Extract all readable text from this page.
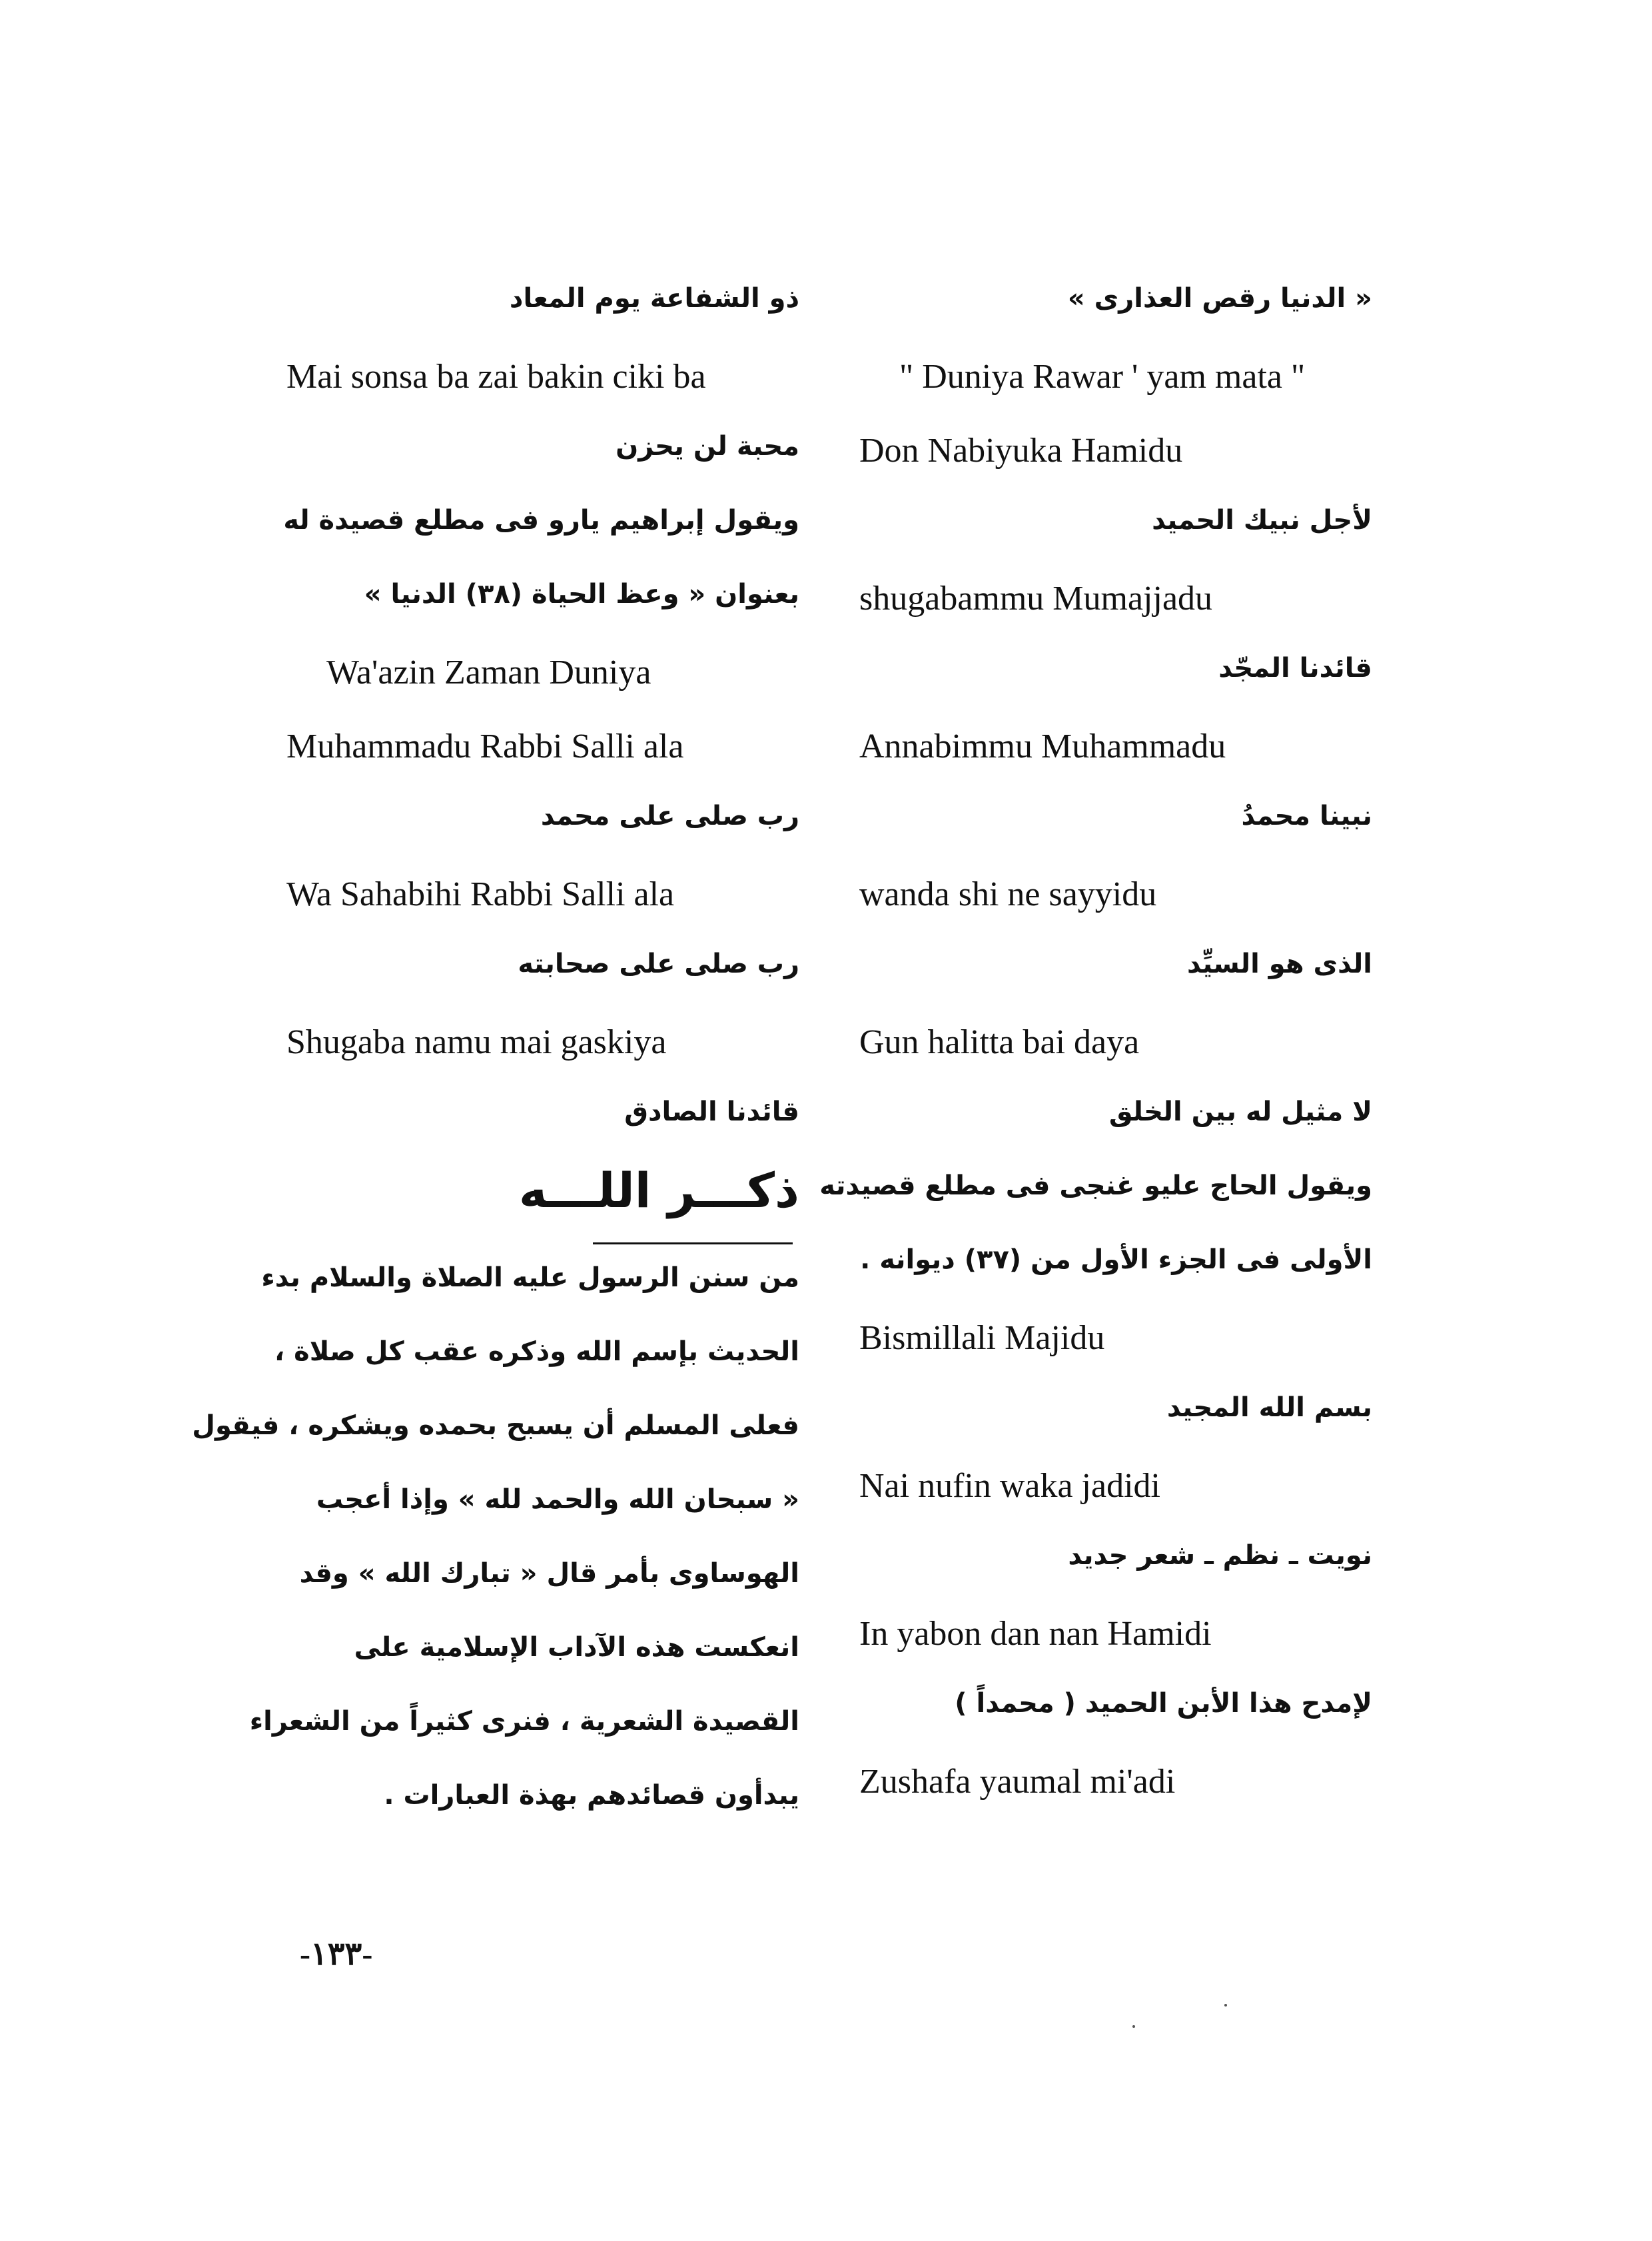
« الدنيا رقص العذارى »
" Duniya Rawar ' yam mata "
Don Nabiyuka Hamidu
لأجل نبيك الحميد
shugabammu Mumajjadu
قائدنا المجّد
Annabimmu Muhammadu
نبينا محمدُ
wanda shi ne sayyidu
الذى هو السيِّد
Gun halitta bai daya
لا مثيل له بين الخلق
ويقول الحاج عليو غنجى فى مطلع قصيدته
الأولى فى الجزء الأول من (٣٧) ديوانه .
Bismillali Majidu
بسم الله المجيد
Nai nufin waka jadidi
نويت ـ نظم ـ شعر جديد
In yabon dan nan Hamidi
لإمدح هذا الأبن الحميد ( محمداً )
Zushafa yaumal mi'adi
ذو الشفاعة يوم المعاد
Mai sonsa ba zai bakin ciki ba
محبة لن يحزن
ويقول إبراهيم يارو فى مطلع قصيدة له
بعنوان « وعظ الحياة (٣٨) الدنيا »
Wa'azin Zaman Duniya
Muhammadu Rabbi Salli ala
رب صلى على محمد
Wa Sahabihi Rabbi Salli ala
رب صلى على صحابته
Shugaba namu mai gaskiya
قائدنا الصادق
ذكـــر اللـــه
من سنن الرسول عليه الصلاة والسلام بدء
الحديث بإسم الله وذكره عقب كل صلاة ،
فعلى المسلم أن يسبح بحمده ويشكره ، فيقول
« سبحان الله والحمد لله » وإذا أعجب
الهوساوى بأمر قال « تبارك الله » وقد
انعكست هذه الآداب الإسلامية على
القصيدة الشعرية ، فنرى كثيراً من الشعراء
يبدأون قصائدهم بهذة العبارات .
-١٣٣-
